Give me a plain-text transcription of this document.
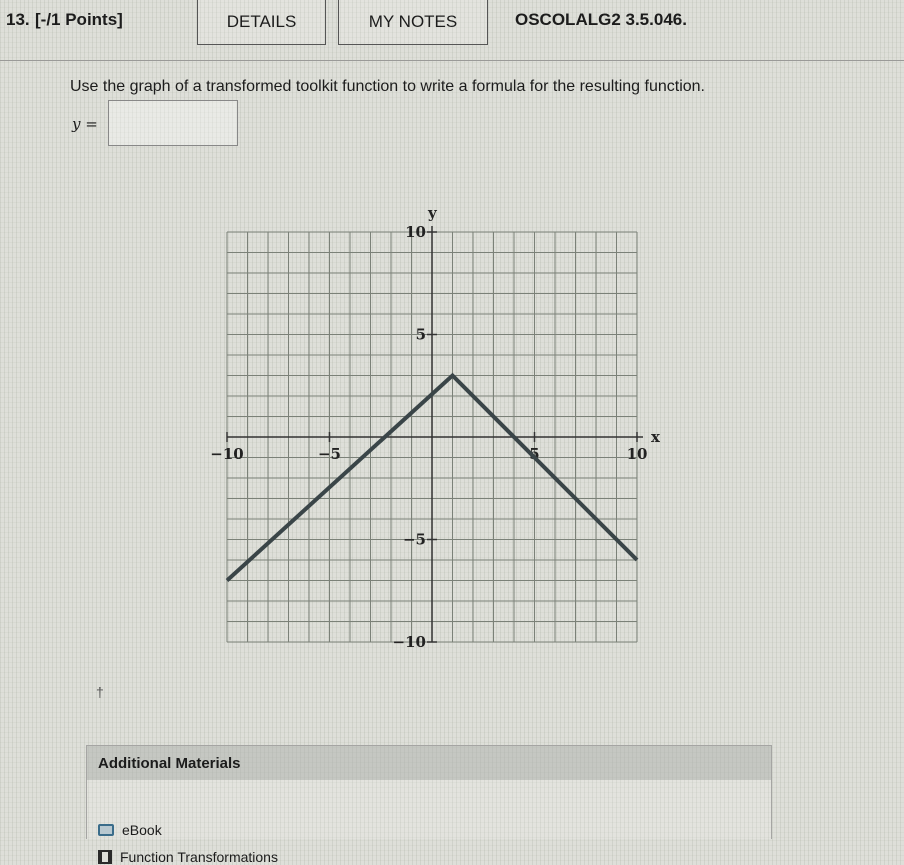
13. [-/1 Points]	DETAILS	MY NOTES	OSCOLALG2 3.5.046.
Use the graph of a transformed toolkit function to write a formula for the resulting function.
y =
x
y
−10	−5	5	10
10
5
−5
−10
†
Additional Materials
eBook
Function Transformations
